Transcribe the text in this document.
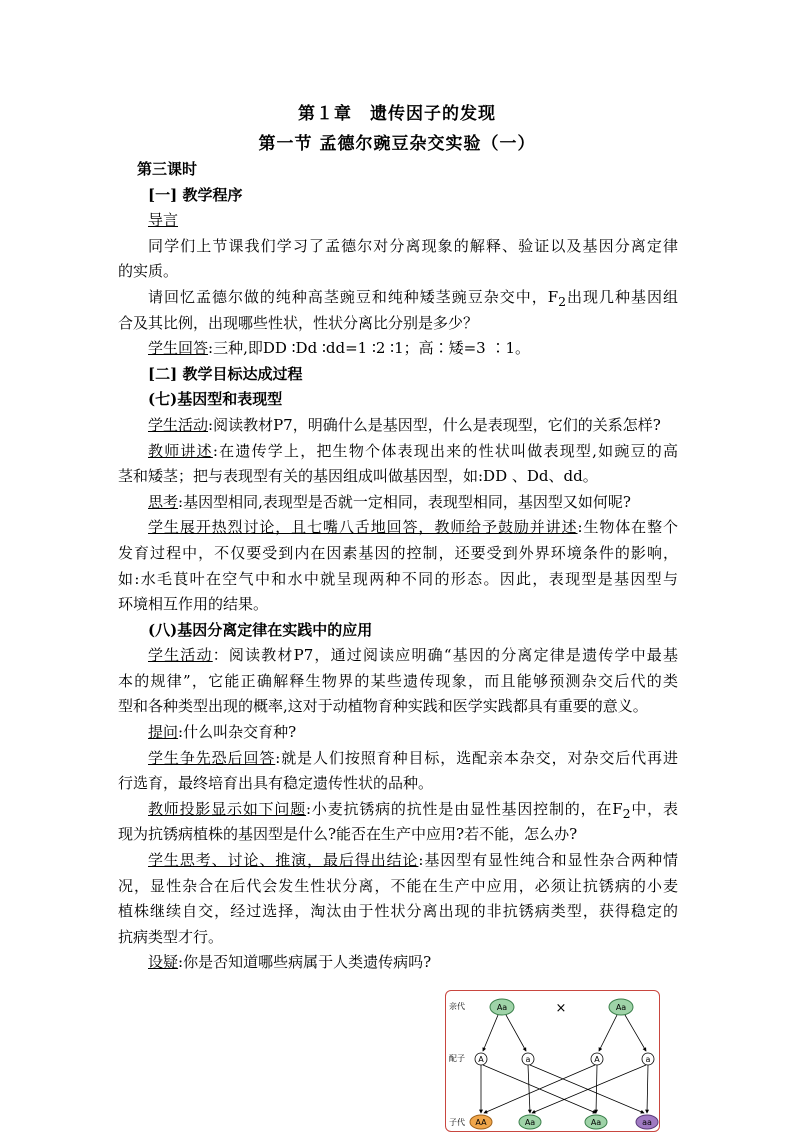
第１章　遗传因子的发现
第一节 孟德尔豌豆杂交实验（一）
第三课时
[一] 教学程序
导言
同学们上节课我们学习了孟德尔对分离现象的解释、验证以及基因分离定律
的实质。
请回忆孟德尔做的纯种高茎豌豆和纯种矮茎豌豆杂交中，$F_2$出现几种基因组
合及其比例，出现哪些性状，性状分离比分别是多少？
学生回答:三种,即DD ∶Dd ∶dd=1 ∶2 ∶1；高∶矮=3 ∶1。
[二] 教学目标达成过程
(七)基因型和表现型
学生活动:阅读教材P7，明确什么是基因型，什么是表现型，它们的关系怎样?
教师讲述:在遗传学上，把生物个体表现出来的性状叫做表现型,如豌豆的高
茎和矮茎；把与表现型有关的基因组成叫做基因型，如:DD 、Dd、dd。
思考:基因型相同,表现型是否就一定相同，表现型相同，基因型又如何呢?
学生展开热烈讨论，且七嘴八舌地回答，教师给予鼓励并讲述:生物体在整个
发育过程中，不仅要受到内在因素基因的控制，还要受到外界环境条件的影响，
如:水毛茛叶在空气中和水中就呈现两种不同的形态。因此，表现型是基因型与
环境相互作用的结果。
(八)基因分离定律在实践中的应用
学生活动：阅读教材P7，通过阅读应明确“基因的分离定律是遗传学中最基
本的规律”，它能正确解释生物界的某些遗传现象，而且能够预测杂交后代的类
型和各种类型出现的概率,这对于动植物育种实践和医学实践都具有重要的意义。
提问:什么叫杂交育种?
学生争先恐后回答:就是人们按照育种目标，选配亲本杂交，对杂交后代再进
行选育，最终培育出具有稳定遗传性状的品种。
教师投影显示如下问题:小麦抗锈病的抗性是由显性基因控制的，在$F_2$中，表
现为抗锈病植株的基因型是什么?能否在生产中应用?若不能，怎么办?
学生思考、讨论、推演，最后得出结论:基因型有显性纯合和显性杂合两种情
况，显性杂合在后代会发生性状分离，不能在生产中应用，必须让抗锈病的小麦
植株继续自交，经过选择，淘汰由于性状分离出现的非抗锈病类型，获得稳定的
抗病类型才行。
设疑:你是否知道哪些病属于人类遗传病吗?
亲代
配子
子代
Aa	×	Aa
A	a	A	a
AA	Aa	Aa	aa
